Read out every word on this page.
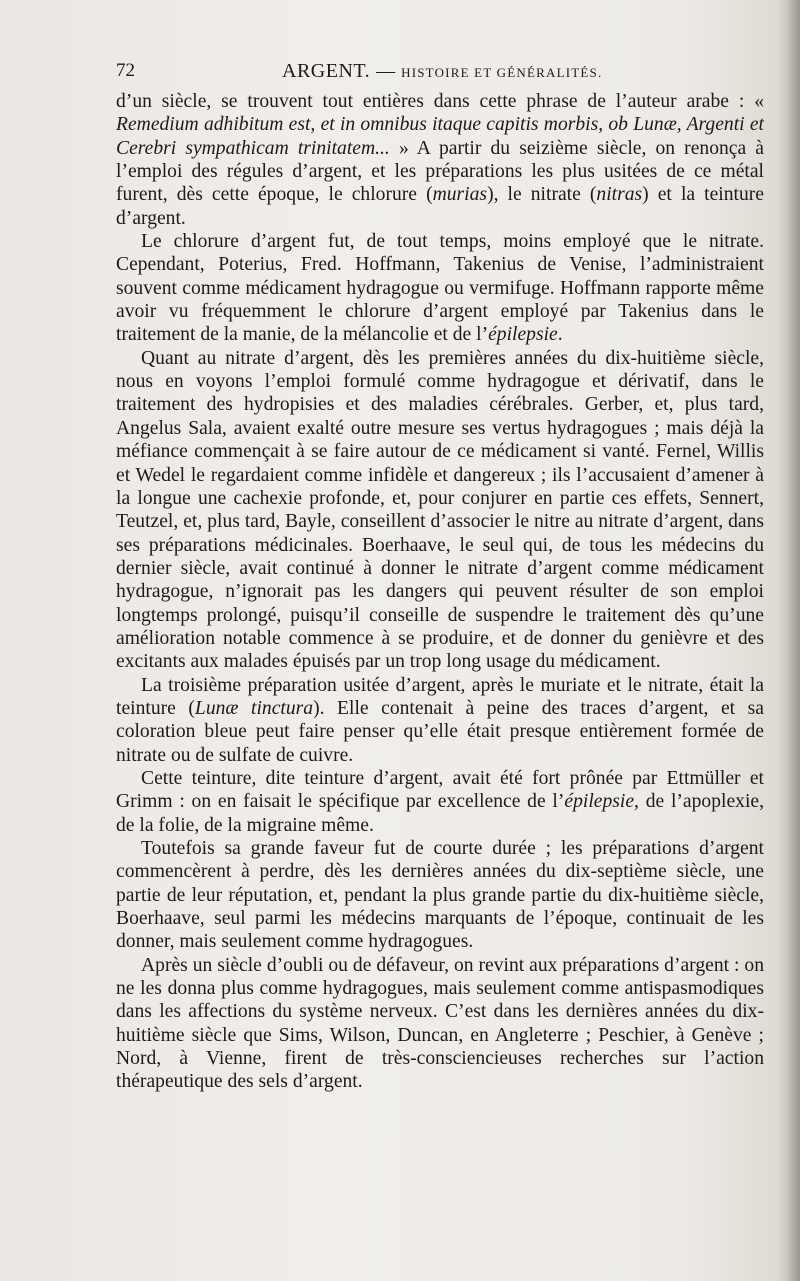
72	ARGENT. — HISTOIRE ET GÉNÉRALITÉS.

d’un siècle, se trouvent tout entières dans cette phrase de l’auteur arabe : « Remedium adhibitum est, et in omnibus itaque capitis morbis, ob Lunæ, Argenti et Cerebri sympathicam trinitatem... » A partir du seizième siècle, on renonça à l’emploi des régules d’argent, et les préparations les plus usitées de ce métal furent, dès cette époque, le chlorure (murias), le nitrate (nitras) et la teinture d’argent.

Le chlorure d’argent fut, de tout temps, moins employé que le nitrate. Cependant, Poterius, Fred. Hoffmann, Takenius de Venise, l’administraient souvent comme médicament hydragogue ou vermifuge. Hoffmann rapporte même avoir vu fréquemment le chlorure d’argent employé par Takenius dans le traitement de la manie, de la mélancolie et de l’épilepsie.

Quant au nitrate d’argent, dès les premières années du dix-huitième siècle, nous en voyons l’emploi formulé comme hydragogue et dérivatif, dans le traitement des hydropisies et des maladies cérébrales. Gerber, et, plus tard, Angelus Sala, avaient exalté outre mesure ses vertus hydragogues ; mais déjà la méfiance commençait à se faire autour de ce médicament si vanté. Fernel, Willis et Wedel le regardaient comme infidèle et dangereux ; ils l’accusaient d’amener à la longue une cachexie profonde, et, pour conjurer en partie ces effets, Sennert, Teutzel, et, plus tard, Bayle, conseillent d’associer le nitre au nitrate d’argent, dans ses préparations médicinales. Boerhaave, le seul qui, de tous les médecins du dernier siècle, avait continué à donner le nitrate d’argent comme médicament hydragogue, n’ignorait pas les dangers qui peuvent résulter de son emploi longtemps prolongé, puisqu’il conseille de suspendre le traitement dès qu’une amélioration notable commence à se produire, et de donner du genièvre et des excitants aux malades épuisés par un trop long usage du médicament.

La troisième préparation usitée d’argent, après le muriate et le nitrate, était la teinture (Lunæ tinctura). Elle contenait à peine des traces d’argent, et sa coloration bleue peut faire penser qu’elle était presque entièrement formée de nitrate ou de sulfate de cuivre.

Cette teinture, dite teinture d’argent, avait été fort prônée par Ettmüller et Grimm : on en faisait le spécifique par excellence de l’épilepsie, de l’apoplexie, de la folie, de la migraine même.

Toutefois sa grande faveur fut de courte durée ; les préparations d’argent commencèrent à perdre, dès les dernières années du dix-septième siècle, une partie de leur réputation, et, pendant la plus grande partie du dix-huitième siècle, Boerhaave, seul parmi les médecins marquants de l’époque, continuait de les donner, mais seulement comme hydragogues.

Après un siècle d’oubli ou de défaveur, on revint aux préparations d’argent : on ne les donna plus comme hydragogues, mais seulement comme antispasmodiques dans les affections du système nerveux. C’est dans les dernières années du dix-huitième siècle que Sims, Wilson, Duncan, en Angleterre ; Peschier, à Genève ; Nord, à Vienne, firent de très-consciencieuses recherches sur l’action thérapeutique des sels d’argent.
